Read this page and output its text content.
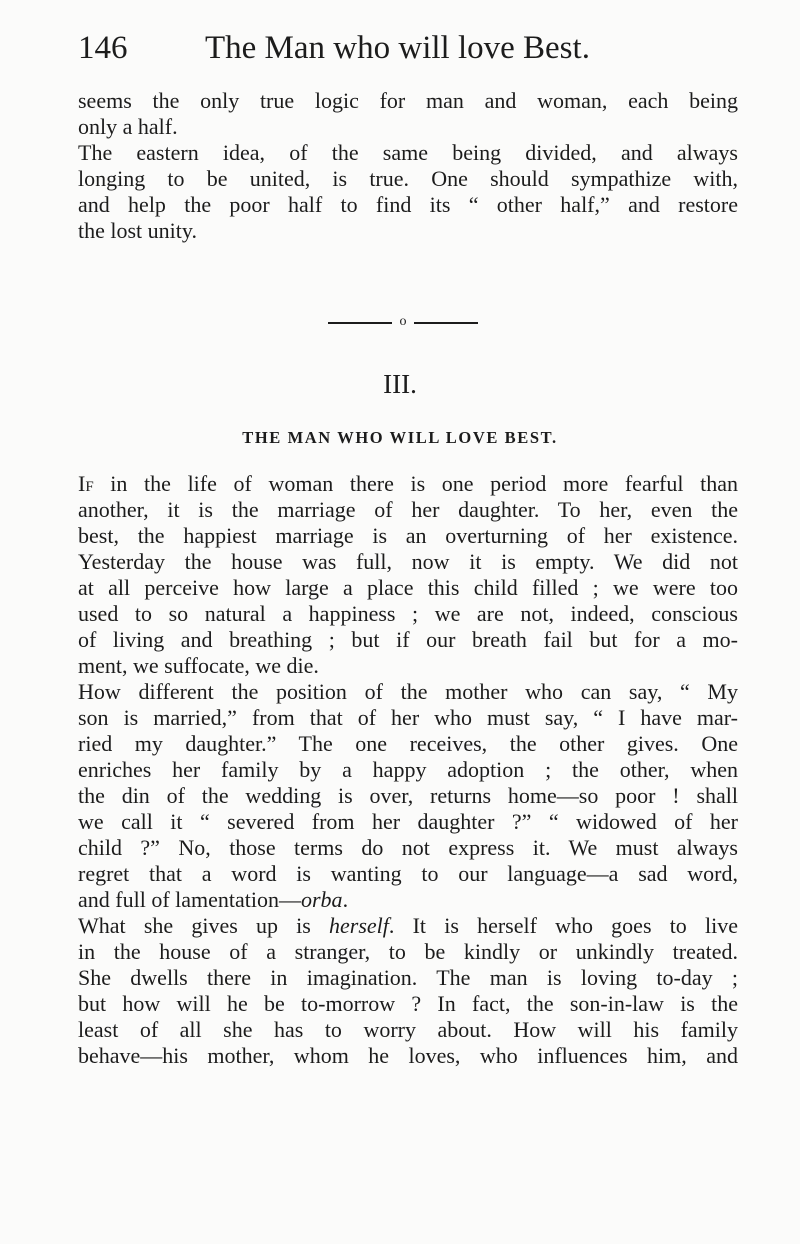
146 The Man who will love Best.
seems the only true logic for man and woman, each being
only a half.
The eastern idea, of the same being divided, and always
longing to be united, is true. One should sympathize with,
and help the poor half to find its “ other half,” and restore
the lost unity.
o
III.
THE MAN WHO WILL LOVE BEST.
If in the life of woman there is one period more fearful than
another, it is the marriage of her daughter. To her, even the
best, the happiest marriage is an overturning of her existence.
Yesterday the house was full, now it is empty. We did not
at all perceive how large a place this child filled ; we were too
used to so natural a happiness ; we are not, indeed, conscious
of living and breathing ; but if our breath fail but for a mo-
ment, we suffocate, we die.
How different the position of the mother who can say, “ My
son is married,” from that of her who must say, “ I have mar-
ried my daughter.” The one receives, the other gives. One
enriches her family by a happy adoption ; the other, when
the din of the wedding is over, returns home—so poor ! shall
we call it “ severed from her daughter ?” “ widowed of her
child ?” No, those terms do not express it. We must always
regret that a word is wanting to our language—a sad word,
and full of lamentation—orba.
What she gives up is herself. It is herself who goes to live
in the house of a stranger, to be kindly or unkindly treated.
She dwells there in imagination. The man is loving to-day ;
but how will he be to-morrow ? In fact, the son-in-law is the
least of all she has to worry about. How will his family
behave—his mother, whom he loves, who influences him, and
